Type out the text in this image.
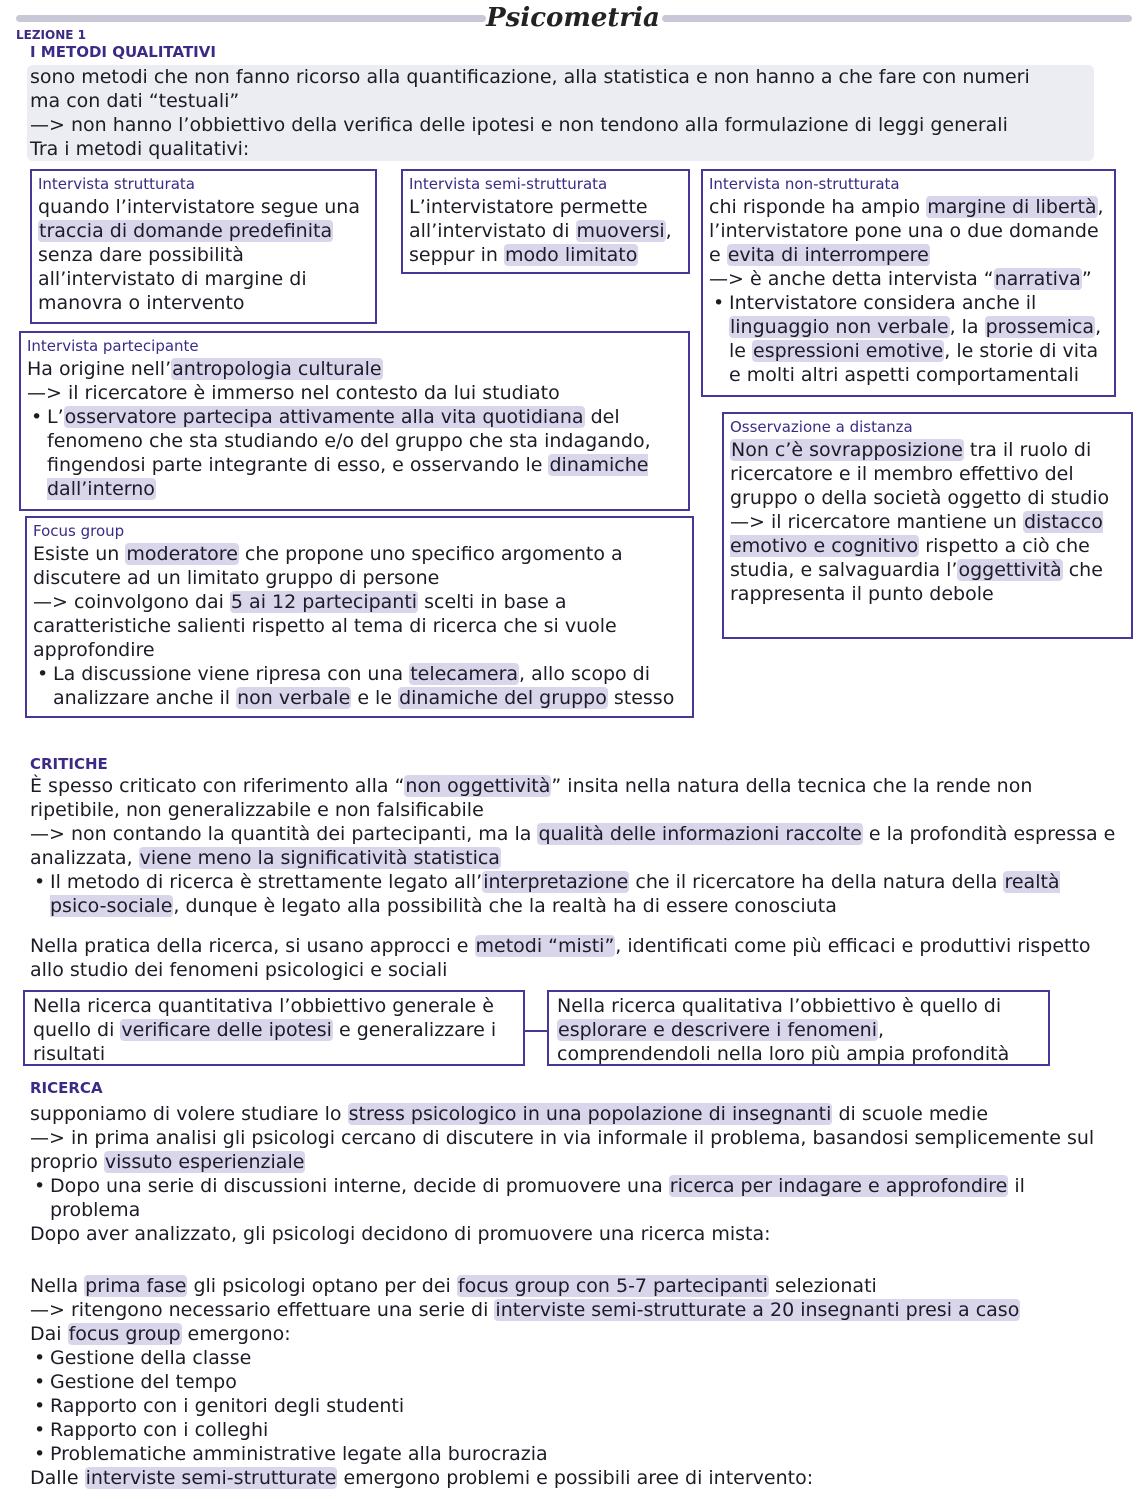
Psicometria
LEZIONE 1
I METODI QUALITATIVI
sono metodi che non fanno ricorso alla quantificazione, alla statistica e non hanno a che fare con numeri
ma con dati “testuali”
—> non hanno l’obbiettivo della verifica delle ipotesi e non tendono alla formulazione di leggi generali
Tra i metodi qualitativi:
Intervista strutturata
quando l’intervistatore segue una traccia di domande predefinita senza dare possibilità all’intervistato di margine di manovra o intervento
Intervista semi-strutturata
L’intervistatore permette all’intervistato di muoversi, seppur in modo limitato
Intervista non-strutturata
chi risponde ha ampio margine di libertà, l’intervistatore pone una o due domande e evita di interrompere
—> è anche detta intervista “narrativa”
• Intervistatore considera anche il linguaggio non verbale, la prossemica, le espressioni emotive, le storie di vita e molti altri aspetti comportamentali
Intervista partecipante
Ha origine nell’antropologia culturale
—> il ricercatore è immerso nel contesto da lui studiato
• L’osservatore partecipa attivamente alla vita quotidiana del fenomeno che sta studiando e/o del gruppo che sta indagando, fingendosi parte integrante di esso, e osservando le dinamiche dall’interno
Osservazione a distanza
Non c’è sovrapposizione tra il ruolo di ricercatore e il membro effettivo del gruppo o della società oggetto di studio
—> il ricercatore mantiene un distacco emotivo e cognitivo rispetto a ciò che studia, e salvaguardia l’oggettività che rappresenta il punto debole
Focus group
Esiste un moderatore che propone uno specifico argomento a discutere ad un limitato gruppo di persone
—> coinvolgono dai 5 ai 12 partecipanti scelti in base a caratteristiche salienti rispetto al tema di ricerca che si vuole approfondire
• La discussione viene ripresa con una telecamera, allo scopo di analizzare anche il non verbale e le dinamiche del gruppo stesso
CRITICHE
È spesso criticato con riferimento alla “non oggettività” insita nella natura della tecnica che la rende non ripetibile, non generalizzabile e non falsificabile
—> non contando la quantità dei partecipanti, ma la qualità delle informazioni raccolte e la profondità espressa e analizzata, viene meno la significatività statistica
• Il metodo di ricerca è strettamente legato all’interpretazione che il ricercatore ha della natura della realtà psico-sociale, dunque è legato alla possibilità che la realtà ha di essere conosciuta
Nella pratica della ricerca, si usano approcci e metodi “misti”, identificati come più efficaci e produttivi rispetto allo studio dei fenomeni psicologici e sociali
Nella ricerca quantitativa l’obbiettivo generale è quello di verificare delle ipotesi e generalizzare i risultati
Nella ricerca qualitativa l’obbiettivo è quello di esplorare e descrivere i fenomeni, comprendendoli nella loro più ampia profondità
RICERCA
supponiamo di volere studiare lo stress psicologico in una popolazione di insegnanti di scuole medie
—> in prima analisi gli psicologi cercano di discutere in via informale il problema, basandosi semplicemente sul proprio vissuto esperienziale
• Dopo una serie di discussioni interne, decide di promuovere una ricerca per indagare e approfondire il problema
Dopo aver analizzato, gli psicologi decidono di promuovere una ricerca mista:
Nella prima fase gli psicologi optano per dei focus group con 5-7 partecipanti selezionati
—> ritengono necessario effettuare una serie di interviste semi-strutturate a 20 insegnanti presi a caso
Dai focus group emergono:
• Gestione della classe
• Gestione del tempo
• Rapporto con i genitori degli studenti
• Rapporto con i colleghi
• Problematiche amministrative legate alla burocrazia
Dalle interviste semi-strutturate emergono problemi e possibili aree di intervento:
